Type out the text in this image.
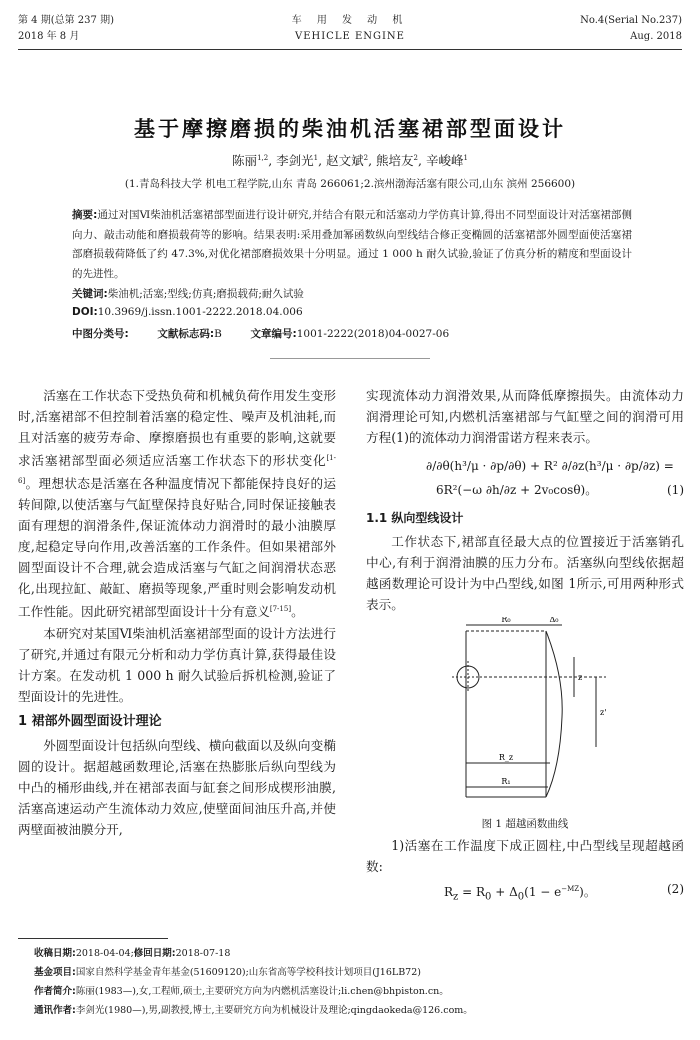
第 4 期(总第 237 期)
2018 年 8 月
车 用 发 动 机
VEHICLE ENGINE
No.4(Serial No.237)
Aug. 2018
基于摩擦磨损的柴油机活塞裙部型面设计
陈丽$^{1,2}$, 李剑光$^1$, 赵文斌$^2$, 熊培友$^2$, 辛峻峰$^1$
(1.青岛科技大学 机电工程学院,山东 青岛 266061;2.滨州渤海活塞有限公司,山东 滨州 256600)
摘要:通过对国Ⅵ柴油机活塞裙部型面进行设计研究,并结合有限元和活塞动力学仿真计算,得出不同型面设计对活塞裙部侧向力、敲击动能和磨损载荷等的影响。结果表明:采用叠加幂函数纵向型线结合修正变椭圆的活塞裙部外圆型面使活塞裙部磨损载荷降低了约 47.3%,对优化裙部磨损效果十分明显。通过 1 000 h 耐久试验,验证了仿真分析的精度和型面设计的先进性。
关键词:柴油机;活塞;型线;仿真;磨损载荷;耐久试验
DOI:10.3969/j.issn.1001-2222.2018.04.006
中图分类号:	文献标志码:B	文章编号:1001-2222(2018)04-0027-06

活塞在工作状态下受热负荷和机械负荷作用发生变形时,活塞裙部不但控制着活塞的稳定性、噪声及机油耗,而且对活塞的疲劳寿命、摩擦磨损也有重要的影响,这就要求活塞裙部型面必须适应活塞工作状态下的形状变化[1-6]。理想状态是活塞在各种温度情况下都能保持良好的运转间隙,以使活塞与气缸壁保持良好贴合,同时保证接触表面有理想的润滑条件,保证流体动力润滑时的最小油膜厚度,起稳定导向作用,改善活塞的工作条件。但如果裙部外圆型面设计不合理,就会造成活塞与气缸之间润滑状态恶化,出现拉缸、敲缸、磨损等现象,严重时则会影响发动机工作性能。因此研究裙部型面设计十分有意义[7-15]。

本研究对某国Ⅵ柴油机活塞裙部型面的设计方法进行了研究,并通过有限元分析和动力学仿真计算,获得最佳设计方案。在发动机 1 000 h 耐久试验后拆机检测,验证了型面设计的先进性。

1 裙部外圆型面设计理论

外圆型面设计包括纵向型线、横向截面以及纵向变椭圆的设计。据超越函数理论,活塞在热膨胀后纵向型线为中凸的桶形曲线,并在裙部表面与缸套之间形成楔形油膜,活塞高速运动产生流体动力效应,使壁面间油压升高,并使两壁面被油膜分开,

实现流体动力润滑效果,从而降低摩擦损失。由流体动力润滑理论可知,内燃机活塞裙部与气缸壁之间的润滑可用方程(1)的流体动力润滑雷诺方程来表示。

∂/∂θ(h³/μ · ∂p/∂θ) + R² ∂/∂z(h³/μ · ∂p/∂z) =
6R²(−ω ∂h/∂z + 2v₀cosθ)。	(1)
1.1 纵向型线设计

工作状态下,裙部直径最大点的位置接近于活塞销孔中心,有利于润滑油膜的压力分布。活塞纵向型线依据超越函数理论可设计为中凸型线,如图 1所示,可用两种形式表示。

R₀	Δ₀
R_z
R₁
z
z'
图 1 超越函数曲线

1)活塞在工作温度下成正圆柱,中凸型线呈现超越函数:

$R_z = R_0 + \Delta_0(1 - e^{-MZ})$。	(2)
收稿日期:2018-04-04;修回日期:2018-07-18
基金项目:国家自然科学基金青年基金(51609120);山东省高等学校科技计划项目(J16LB72)
作者简介:陈丽(1983—),女,工程师,硕士,主要研究方向为内燃机活塞设计;li.chen@bhpiston.cn。
通讯作者:李剑光(1980—),男,副教授,博士,主要研究方向为机械设计及理论;qingdaokeda@126.com。
